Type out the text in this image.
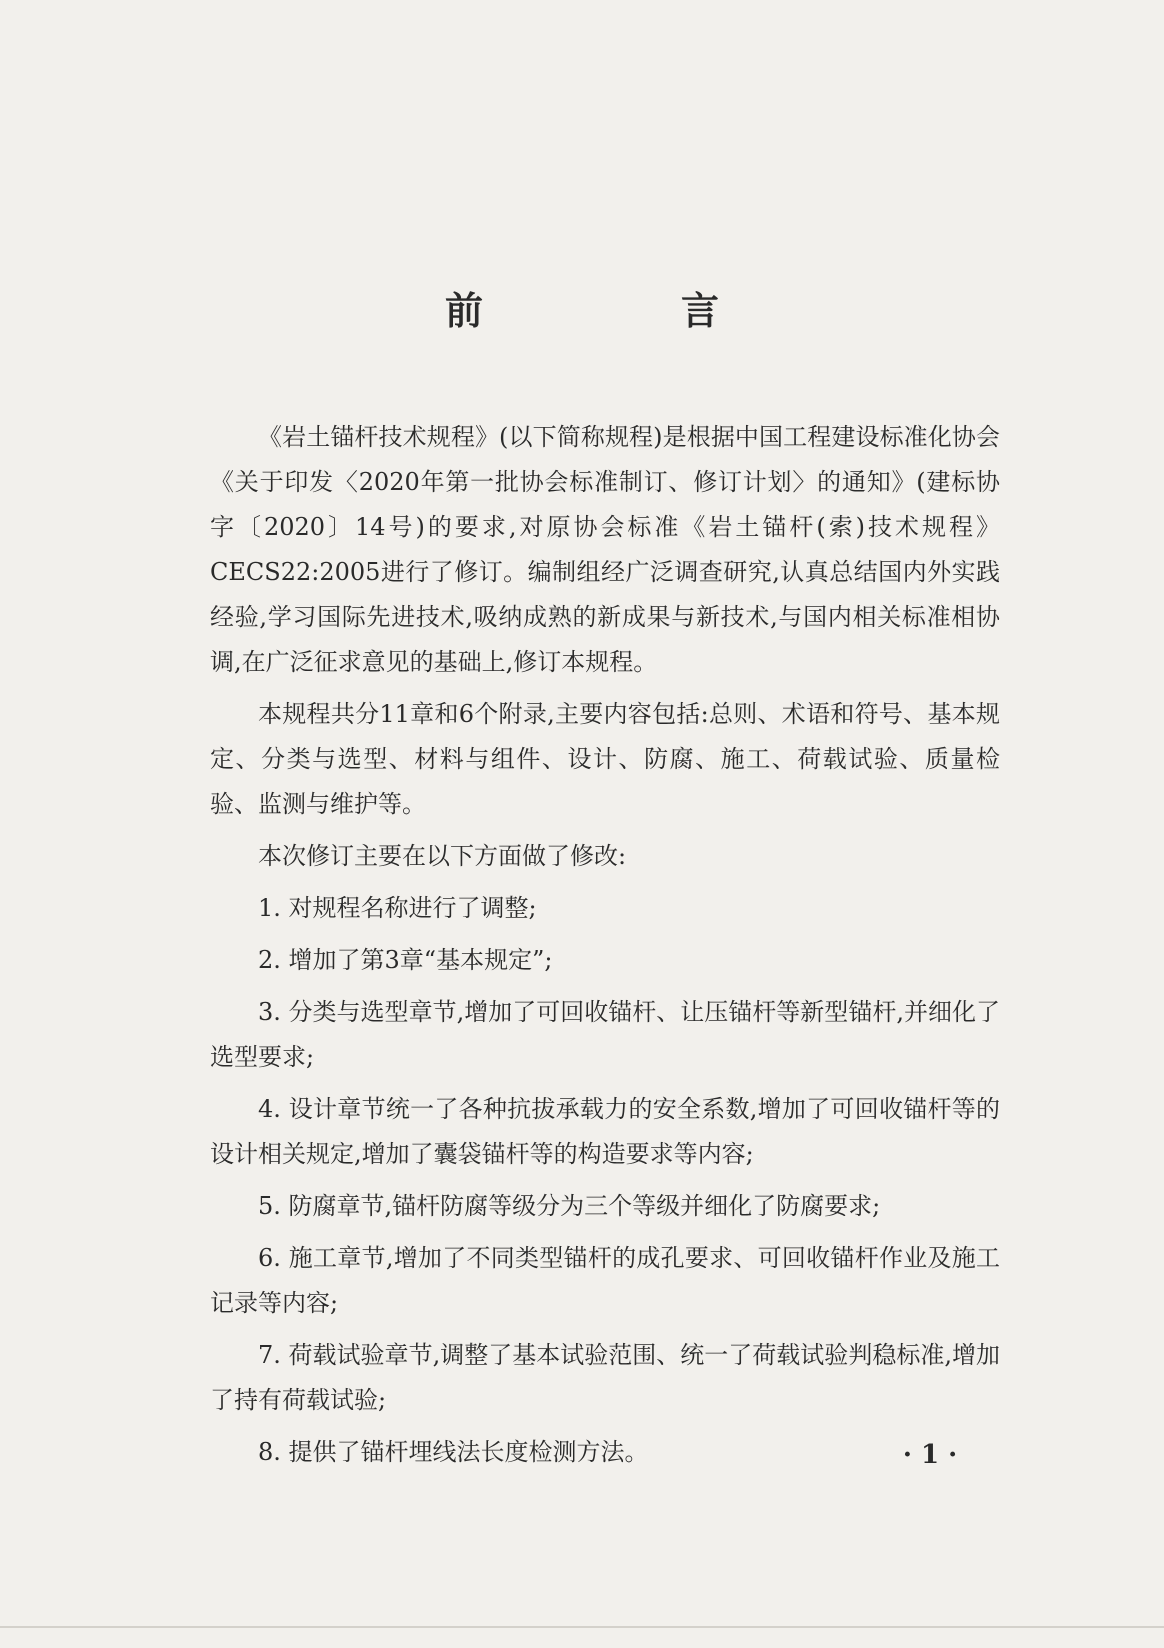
前　言

《岩土锚杆技术规程》(以下简称规程)是根据中国工程建设标准化协会《关于印发〈2020年第一批协会标准制订、修订计划〉的通知》(建标协字〔2020〕14号)的要求,对原协会标准《岩土锚杆(索)技术规程》CECS22:2005进行了修订。编制组经广泛调查研究,认真总结国内外实践经验,学习国际先进技术,吸纳成熟的新成果与新技术,与国内相关标准相协调,在广泛征求意见的基础上,修订本规程。

本规程共分11章和6个附录,主要内容包括:总则、术语和符号、基本规定、分类与选型、材料与组件、设计、防腐、施工、荷载试验、质量检验、监测与维护等。

本次修订主要在以下方面做了修改:

1. 对规程名称进行了调整;

2. 增加了第3章“基本规定”;

3. 分类与选型章节,增加了可回收锚杆、让压锚杆等新型锚杆,并细化了选型要求;

4. 设计章节统一了各种抗拔承载力的安全系数,增加了可回收锚杆等的设计相关规定,增加了囊袋锚杆等的构造要求等内容;

5. 防腐章节,锚杆防腐等级分为三个等级并细化了防腐要求;

6. 施工章节,增加了不同类型锚杆的成孔要求、可回收锚杆作业及施工记录等内容;

7. 荷载试验章节,调整了基本试验范围、统一了荷载试验判稳标准,增加了持有荷载试验;

8. 提供了锚杆埋线法长度检测方法。	· 1 ·
